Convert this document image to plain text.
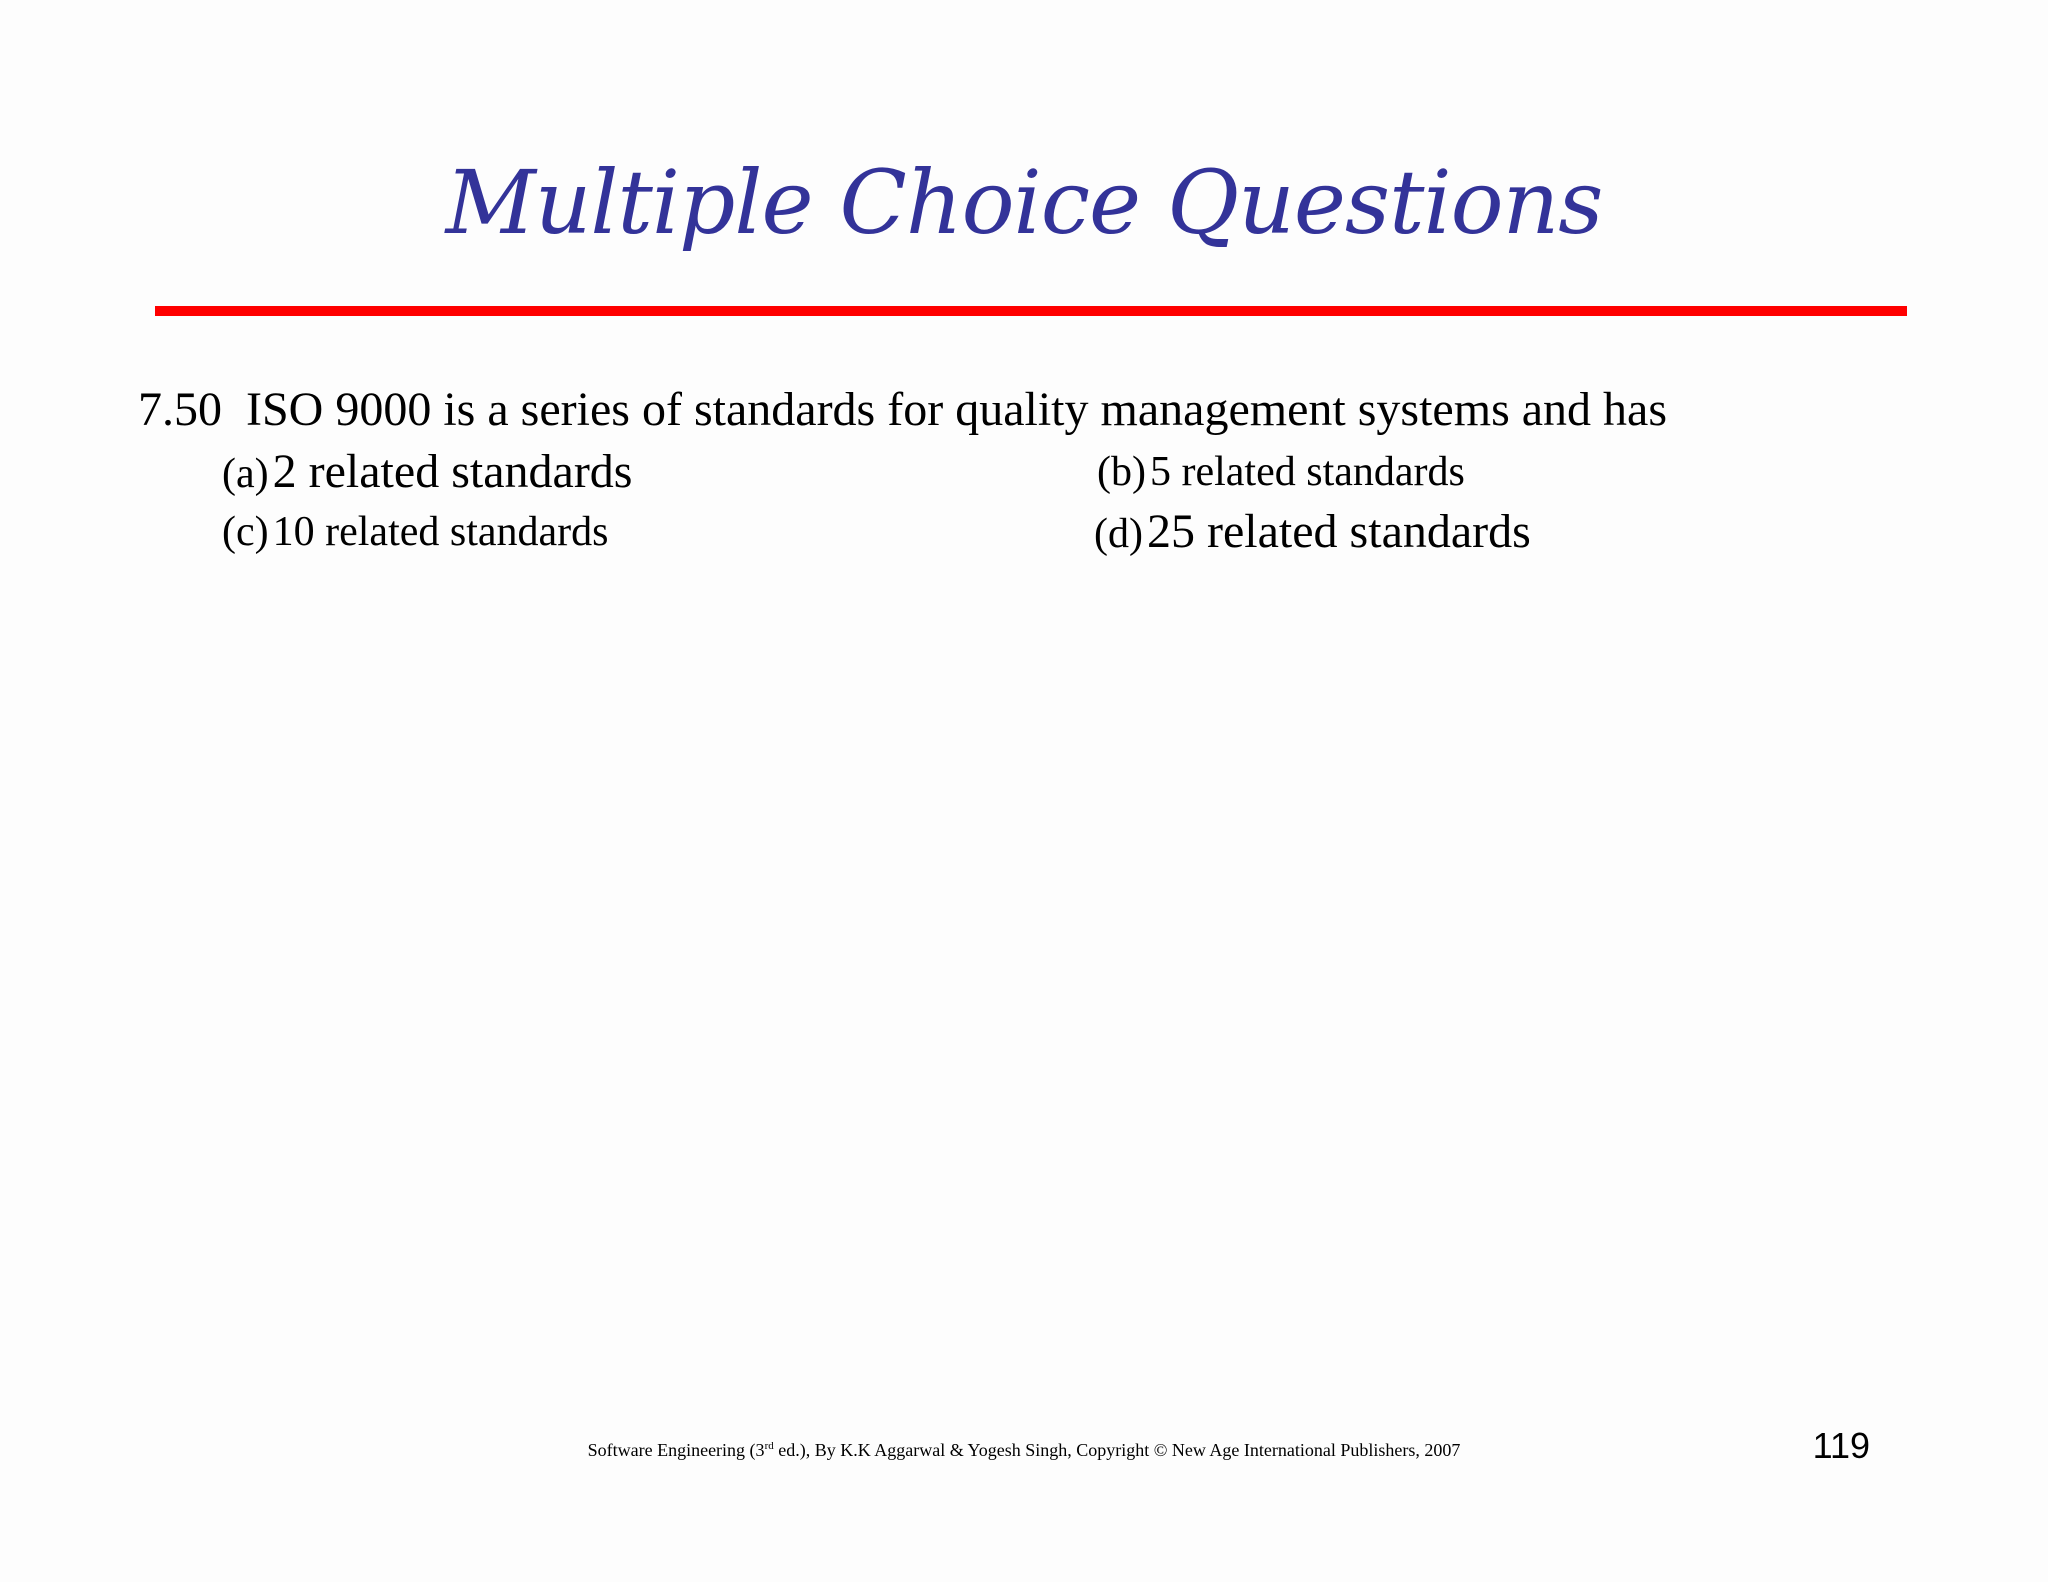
Multiple Choice Questions
7.50 ISO 9000 is a series of standards for quality management systems and has
(a) 2 related standards	(b) 5 related standards
(c) 10 related standards	(d) 25 related standards
Software Engineering (3rd ed.), By K.K Aggarwal & Yogesh Singh, Copyright © New Age International Publishers, 2007	119
